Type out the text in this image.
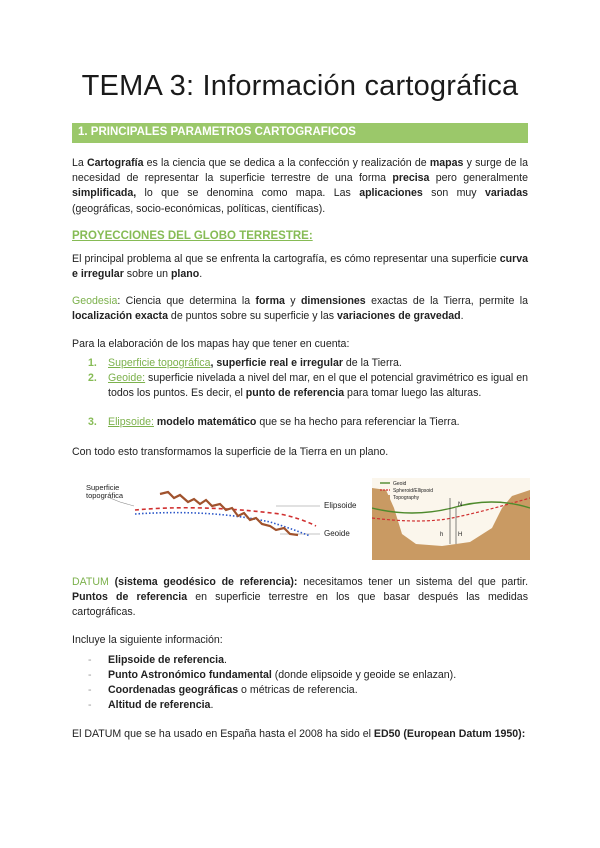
TEMA 3: Información cartográfica
1. PRINCIPALES PARAMETROS CARTOGRAFICOS
La Cartografía es la ciencia que se dedica a la confección y realización de mapas y surge de la necesidad de representar la superficie terrestre de una forma precisa pero generalmente simplificada, lo que se denomina como mapa. Las aplicaciones son muy variadas (geográficas, socio-económicas, políticas, científicas).
PROYECCIONES DEL GLOBO TERRESTRE:
El principal problema al que se enfrenta la cartografía, es cómo representar una superficie curva e irregular sobre un plano.
Geodesia: Ciencia que determina la forma y dimensiones exactas de la Tierra, permite la localización exacta de puntos sobre su superficie y las variaciones de gravedad.
Para la elaboración de los mapas hay que tener en cuenta:
1. Superficie topográfica, superficie real e irregular de la Tierra.
2. Geoide: superficie nivelada a nivel del mar, en el que el potencial gravimétrico es igual en todos los puntos. Es decir, el punto de referencia para tomar luego las alturas.
3. Elipsoide: modelo matemático que se ha hecho para referenciar la Tierra.
Con todo esto transformamos la superficie de la Tierra en un plano.
Superficie
topográfica
Elipsoide
Geoide
N
h H
Geoid
Spheroid/Ellipsoid
Topography
DATUM (sistema geodésico de referencia): necesitamos tener un sistema del que partir. Puntos de referencia en superficie terrestre en los que basar después las medidas cartográficas.
Incluye la siguiente información:
- Elipsoide de referencia.
- Punto Astronómico fundamental (donde elipsoide y geoide se enlazan).
- Coordenadas geográficas o métricas de referencia.
- Altitud de referencia.
El DATUM que se ha usado en España hasta el 2008 ha sido el ED50 (European Datum 1950):
